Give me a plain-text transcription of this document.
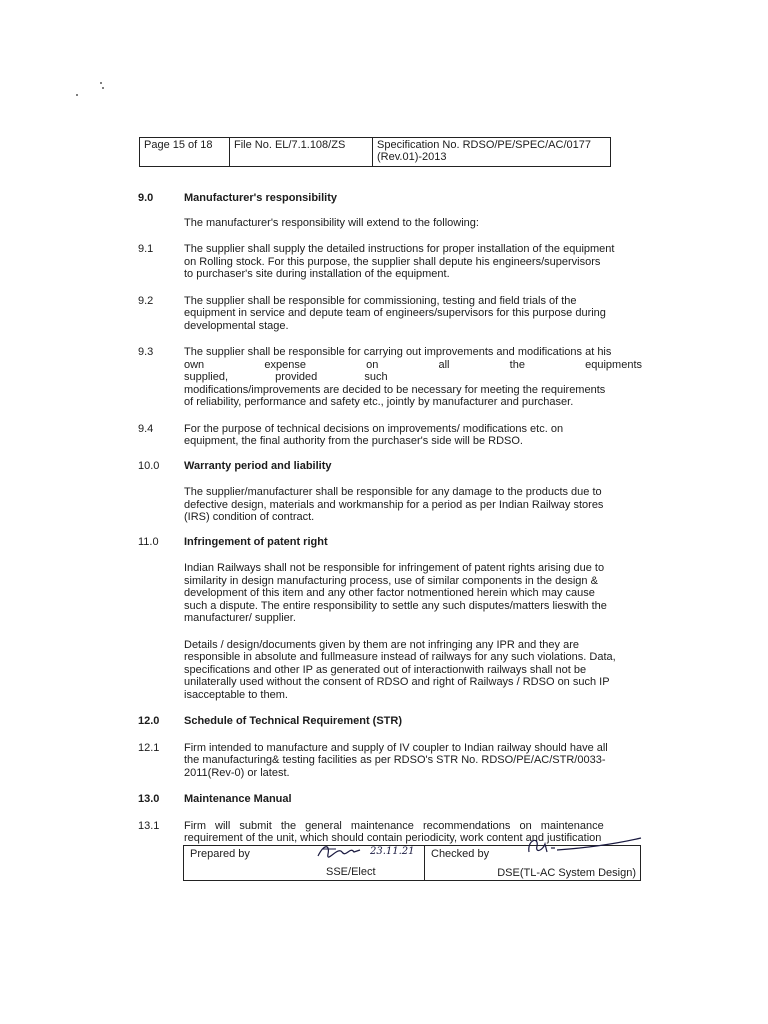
Page 15 of 18	File No. EL/7.1.108/ZS	Specification No. RDSO/PE/SPEC/AC/0177
(Rev.01)-2013
9.0	Manufacturer's responsibility
The manufacturer's responsibility will extend to the following:
9.1	The supplier shall supply the detailed instructions for proper installation of the equipment
on Rolling stock. For this purpose, the supplier shall depute his engineers/supervisors
to purchaser's site during installation of the equipment.
9.2	The supplier shall be responsible for commissioning, testing and field trials of the
equipment in service and depute team of engineers/supervisors for this purpose during
developmental stage.
9.3	The supplier shall be responsible for carrying out improvements and modifications at his
own expense on all the equipments supplied, provided such
modifications/improvements are decided to be necessary for meeting the requirements
of reliability, performance and safety etc., jointly by manufacturer and purchaser.
9.4	For the purpose of technical decisions on improvements/ modifications etc. on
equipment, the final authority from the purchaser's side will be RDSO.
10.0	Warranty period and liability
The supplier/manufacturer shall be responsible for any damage to the products due to
defective design, materials and workmanship for a period as per Indian Railway stores
(IRS) condition of contract.
11.0	Infringement of patent right
Indian Railways shall not be responsible for infringement of patent rights arising due to
similarity in design manufacturing process, use of similar components in the design &
development of this item and any other factor notmentioned herein which may cause
such a dispute. The entire responsibility to settle any such disputes/matters lieswith the
manufacturer/ supplier.
Details / design/documents given by them are not infringing any IPR and they are
responsible in absolute and fullmeasure instead of railways for any such violations. Data,
specifications and other IP as generated out of interactionwith railways shall not be
unilaterally used without the consent of RDSO and right of Railways / RDSO on such IP
isacceptable to them.
12.0	Schedule of Technical Requirement (STR)
12.1	Firm intended to manufacture and supply of IV coupler to Indian railway should have all
the manufacturing& testing facilities as per RDSO's STR No. RDSO/PE/AC/STR/0033-
2011(Rev-0) or latest.
13.0	Maintenance Manual
13.1	Firm will submit the general maintenance recommendations on maintenance
requirement of the unit, which should contain periodicity, work content and justification
Prepared by	23.11.21
SSE/Elect
Checked by
DSE(TL-AC System Design)
